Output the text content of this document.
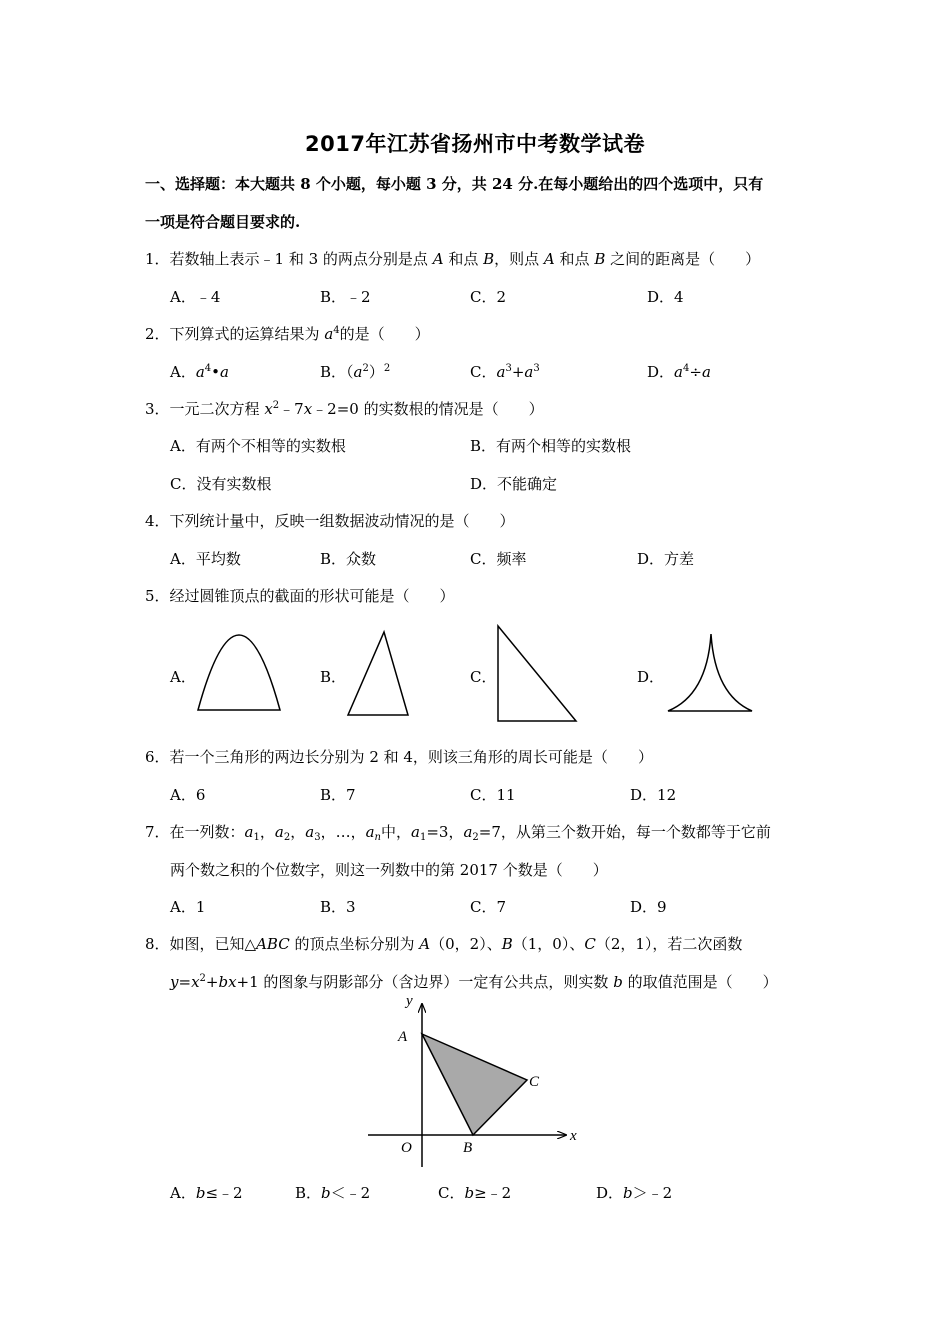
2017年江苏省扬州市中考数学试卷
一、选择题：本大题共 8 个小题，每小题 3 分，共 24 分.在每小题给出的四个选项中，只有
一项是符合题目要求的.
1．若数轴上表示﹣1 和 3 的两点分别是点 A 和点 B，则点 A 和点 B 之间的距离是（　　）
A．﹣4	B．﹣2	C．2	D．4
2．下列算式的运算结果为 $a^4$的是（　　）
A．$a^4•a$	B．$(a^2)^2$	C．$a^3+a^3$	D．$a^4\div a$
3．一元二次方程 $x^2﹣7x﹣2=0$ 的实数根的情况是（　　）
A．有两个不相等的实数根	B．有两个相等的实数根
C．没有实数根	D．不能确定
4．下列统计量中，反映一组数据波动情况的是（　　）
A．平均数	B．众数	C．频率	D．方差
5．经过圆锥顶点的截面的形状可能是（　　）
A．	B．	C．	D．
6．若一个三角形的两边长分别为 2 和 4，则该三角形的周长可能是（　　）
A．6	B．7	C．11	D．12
7．在一列数：$a_1$，$a_2$，$a_3$，…，$a_n$中，$a_1=3$，$a_2=7$，从第三个数开始，每一个数都等于它前
两个数之积的个位数字，则这一列数中的第 2017 个数是（　　）
A．1	B．3	C．7	D．9
8．如图，已知△ABC 的顶点坐标分别为 A（0，2）、B（1，0）、C（2，1），若二次函数
$y=x^2+bx+1$ 的图象与阴影部分（含边界）一定有公共点，则实数 b 的取值范围是（　　）
y
A
C
O	B
x
A．b≤﹣2	B．b＜﹣2	C．b≥﹣2	D．b＞﹣2
